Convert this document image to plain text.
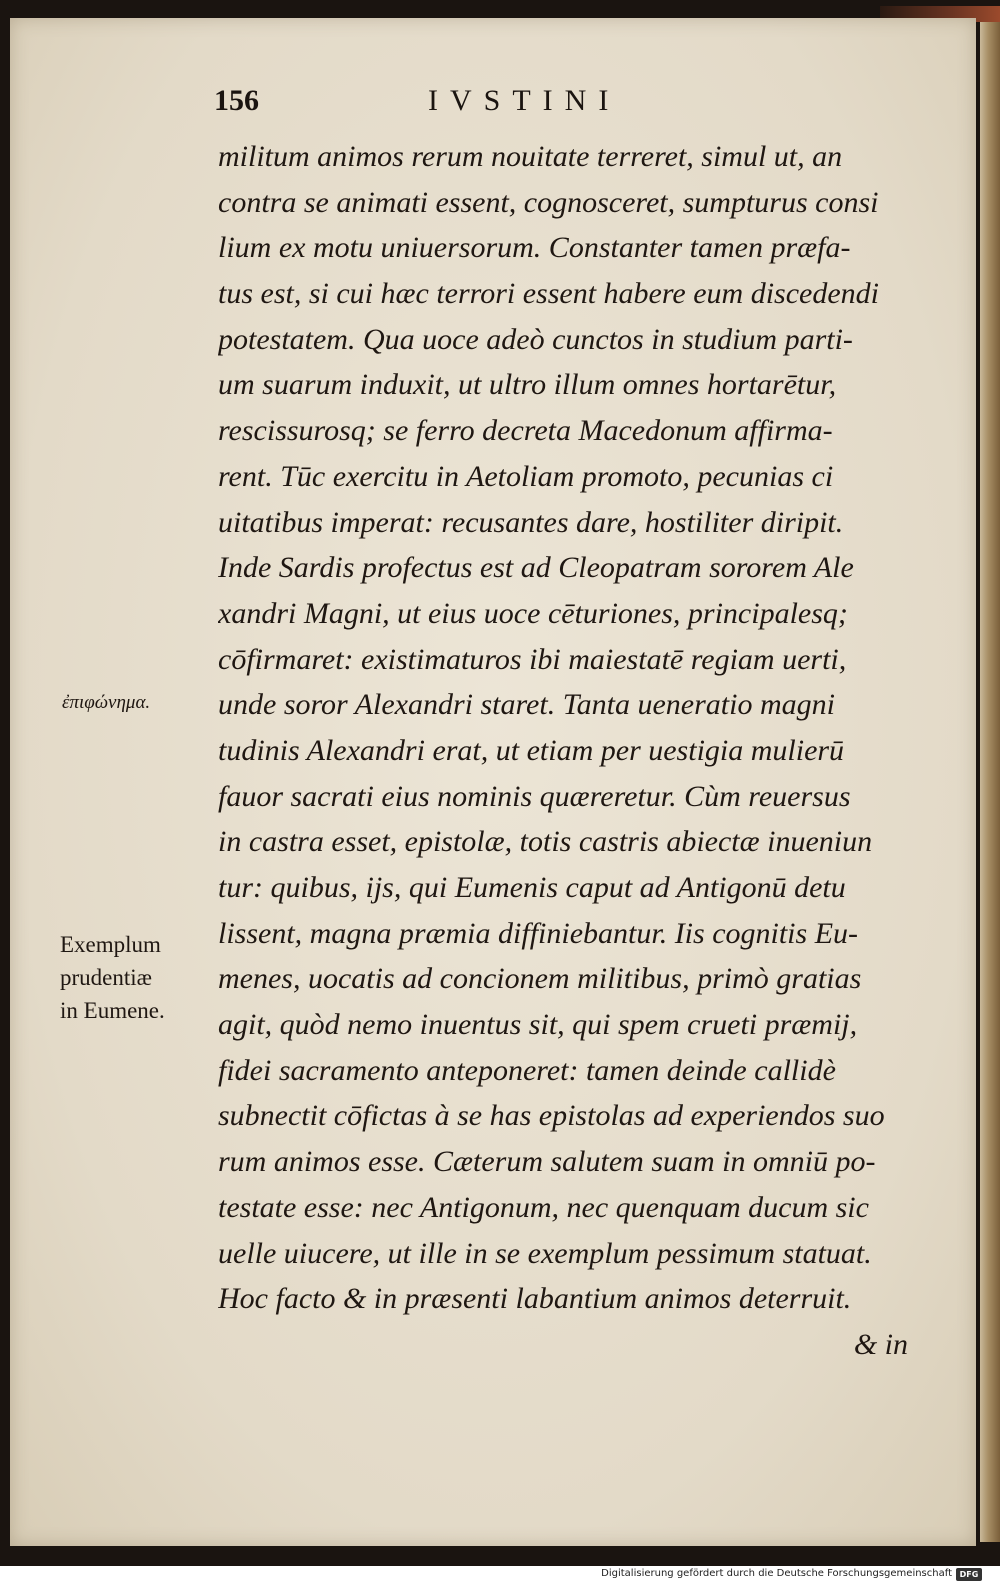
156	IVSTINI
ἐπιφώνημα.
Exemplum
prudentiæ
in Eumene.
militum animos rerum nouitate terreret, simul ut, an
contra se animati essent, cognosceret, sumpturus consi
lium ex motu uniuersorum. Constanter tamen præfa-
tus est, si cui hæc terrori essent habere eum discedendi
potestatem. Qua uoce adeò cunctos in studium parti-
um suarum induxit, ut ultro illum omnes hortarētur,
rescissurosq; se ferro decreta Macedonum affirma-
rent. Tūc exercitu in Aetoliam promoto, pecunias ci
uitatibus imperat: recusantes dare, hostiliter diripit.
Inde Sardis profectus est ad Cleopatram sororem Ale
xandri Magni, ut eius uoce cēturiones, principalesq;
cōfirmaret: existimaturos ibi maiestatē regiam uerti,
unde soror Alexandri staret. Tanta ueneratio magni
tudinis Alexandri erat, ut etiam per uestigia mulierū
fauor sacrati eius nominis quæreretur. Cùm reuersus
in castra esset, epistolæ, totis castris abiectæ inueniun
tur: quibus, ijs, qui Eumenis caput ad Antigonū detu
lissent, magna præmia diffiniebantur. Iis cognitis Eu-
menes, uocatis ad concionem militibus, primò gratias
agit, quòd nemo inuentus sit, qui spem crueti præmij,
fidei sacramento anteponeret: tamen deinde callidè
subnectit cōfictas à se has epistolas ad experiendos suo
rum animos esse. Cæterum salutem suam in omniū po-
testate esse: nec Antigonum, nec quenquam ducum sic
uelle uiucere, ut ille in se exemplum pessimum statuat.
Hoc facto & in præsenti labantium animos deterruit.
& in
Digitalisierung gefördert durch die Deutsche Forschungsgemeinschaft DFG
